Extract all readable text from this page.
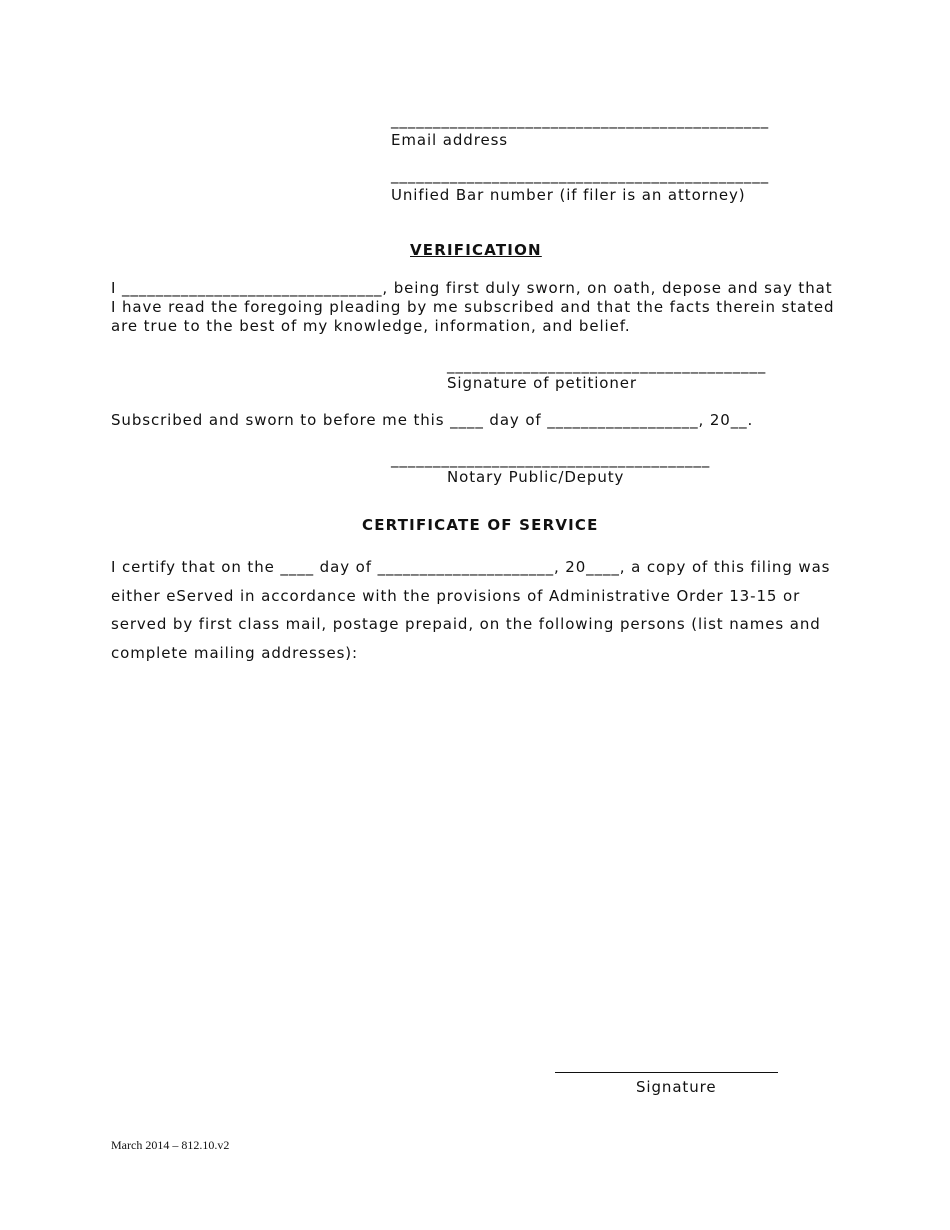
_____________________________________________
Email address
_____________________________________________
Unified Bar number (if filer is an attorney)
VERIFICATION
I _______________________________, being first duly sworn, on oath, depose and say that I have read the foregoing pleading by me subscribed and that the facts therein stated are true to the best of my knowledge, information, and belief.
______________________________________
Signature of petitioner
Subscribed and sworn to before me this ____ day of __________________, 20__.
______________________________________
Notary Public/Deputy
CERTIFICATE OF SERVICE
I certify that on the ____ day of _____________________, 20____, a copy of this filing was either eServed in accordance with the provisions of Administrative Order 13-15 or served by first class mail, postage prepaid, on the following persons (list names and complete mailing addresses):
Signature
March 2014 – 812.10.v2
